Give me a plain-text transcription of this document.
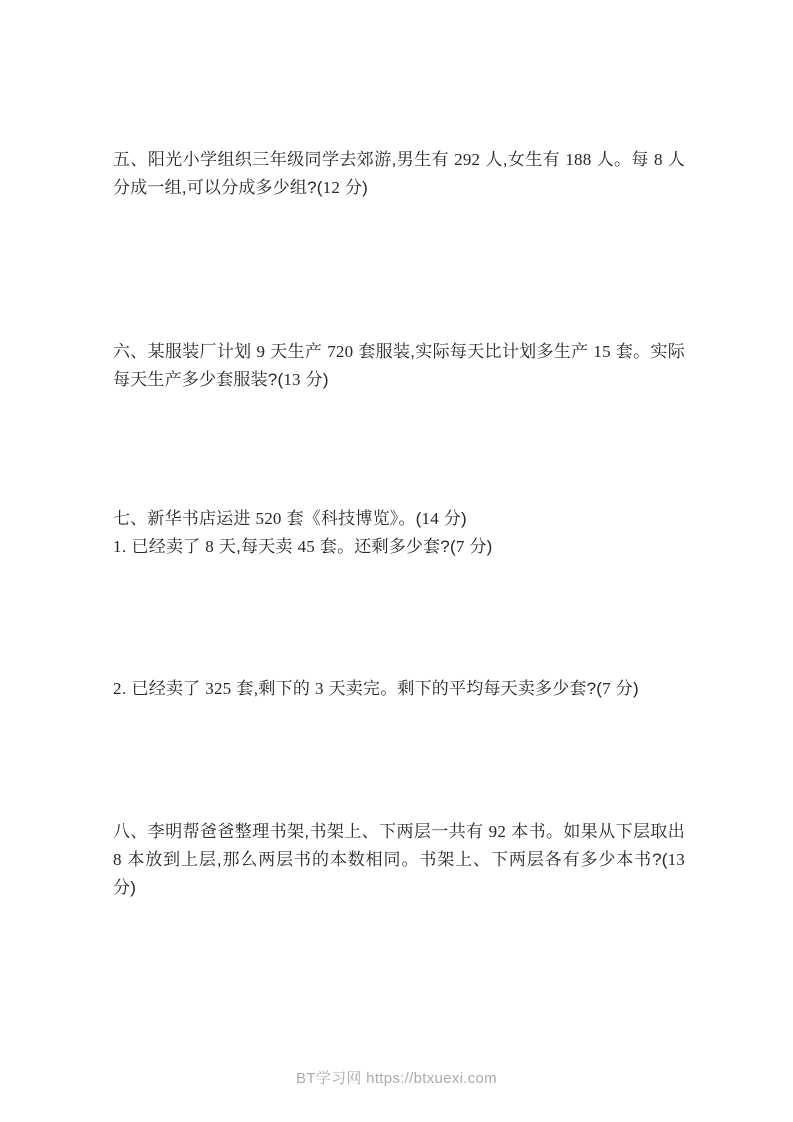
五、阳光小学组织三年级同学去郊游,男生有 292 人,女生有 188 人。每 8 人分成一组,可以分成多少组?(12 分)

六、某服装厂计划 9 天生产 720 套服装,实际每天比计划多生产 15 套。实际每天生产多少套服装?(13 分)

七、新华书店运进 520 套《科技博览》。(14 分)

1. 已经卖了 8 天,每天卖 45 套。还剩多少套?(7 分)

2. 已经卖了 325 套,剩下的 3 天卖完。剩下的平均每天卖多少套?(7 分)

八、李明帮爸爸整理书架,书架上、下两层一共有 92 本书。如果从下层取出 8 本放到上层,那么两层书的本数相同。书架上、下两层各有多少本书?(13 分)

BT学习网 https://btxuexi.com
